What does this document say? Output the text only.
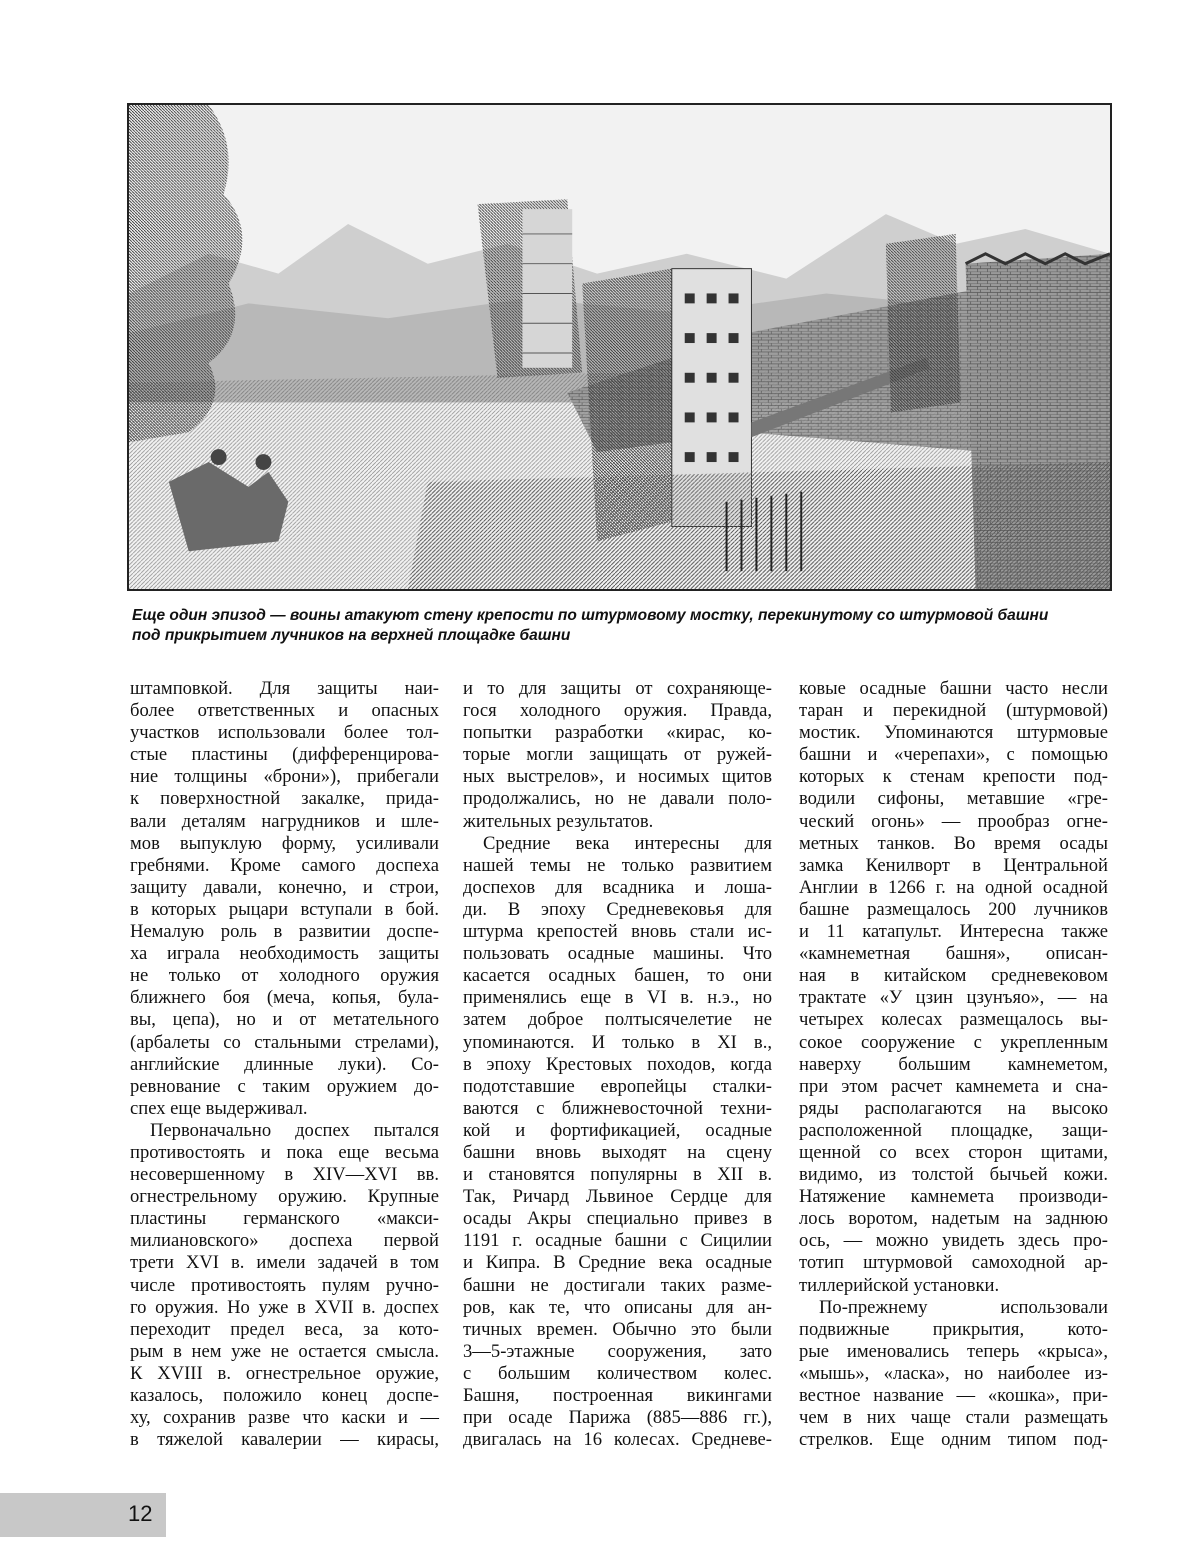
Еще один эпизод — воины атакуют стену крепости по штурмовому мостку, перекинутому со штурмовой башни
под прикрытием лучников на верхней площадке башни
штамповкой. Для защиты наи-
более ответственных и опасных
участков использовали более тол-
стые пластины (дифференцирова-
ние толщины «брони»), прибегали
к поверхностной закалке, прида-
вали деталям нагрудников и шле-
мов выпуклую форму, усиливали
гребнями. Кроме самого доспеха
защиту давали, конечно, и строи,
в которых рыцари вступали в бой.
Немалую роль в развитии доспе-
ха играла необходимость защиты
не только от холодного оружия
ближнего боя (меча, копья, була-
вы, цепа), но и от метательного
(арбалеты со стальными стрелами),
английские длинные луки). Со-
ревнование с таким оружием до-
спех еще выдерживал.
Первоначально доспех пытался
противостоять и пока еще весьма
несовершенному в XIV—XVI вв.
огнестрельному оружию. Крупные
пластины германского «макси-
милиановского» доспеха первой
трети XVI в. имели задачей в том
числе противостоять пулям ручно-
го оружия. Но уже в XVII в. доспех
переходит предел веса, за кото-
рым в нем уже не остается смысла.
К XVIII в. огнестрельное оружие,
казалось, положило конец доспе-
ху, сохранив разве что каски и —
в тяжелой кавалерии — кирасы,
и то для защиты от сохраняюще-
гося холодного оружия. Правда,
попытки разработки «кирас, ко-
торые могли защищать от ружей-
ных выстрелов», и носимых щитов
продолжались, но не давали поло-
жительных результатов.
Средние века интересны для
нашей темы не только развитием
доспехов для всадника и лоша-
ди. В эпоху Средневековья для
штурма крепостей вновь стали ис-
пользовать осадные машины. Что
касается осадных башен, то они
применялись еще в VI в. н.э., но
затем доброе полтысячелетие не
упоминаются. И только в XI в.,
в эпоху Крестовых походов, когда
подотставшие европейцы сталки-
ваются с ближневосточной техни-
кой и фортификацией, осадные
башни вновь выходят на сцену
и становятся популярны в XII в.
Так, Ричард Львиное Сердце для
осады Акры специально привез в
1191 г. осадные башни с Сицилии
и Кипра. В Средние века осадные
башни не достигали таких разме-
ров, как те, что описаны для ан-
тичных времен. Обычно это были
3—5-этажные сооружения, зато
с большим количеством колес.
Башня, построенная викингами
при осаде Парижа (885—886 гг.),
двигалась на 16 колесах. Средневе-
ковые осадные башни часто несли
таран и перекидной (штурмовой)
мостик. Упоминаются штурмовые
башни и «черепахи», с помощью
которых к стенам крепости под-
водили сифоны, метавшие «гре-
ческий огонь» — прообраз огне-
метных танков. Во время осады
замка Кенилворт в Центральной
Англии в 1266 г. на одной осадной
башне размещалось 200 лучников
и 11 катапульт. Интересна также
«камнеметная башня», описан-
ная в китайском средневековом
трактате «У цзин цзунъяо», — на
четырех колесах размещалось вы-
сокое сооружение с укрепленным
наверху большим камнеметом,
при этом расчет камнемета и сна-
ряды располагаются на высоко
расположенной площадке, защи-
щенной со всех сторон щитами,
видимо, из толстой бычьей кожи.
Натяжение камнемета производи-
лось воротом, надетым на заднюю
ось, — можно увидеть здесь про-
тотип штурмовой самоходной ар-
тиллерийской установки.
По-прежнему использовали
подвижные прикрытия, кото-
рые именовались теперь «крыса»,
«мышь», «ласка», но наиболее из-
вестное название — «кошка», при-
чем в них чаще стали размещать
стрелков. Еще одним типом под-
12
